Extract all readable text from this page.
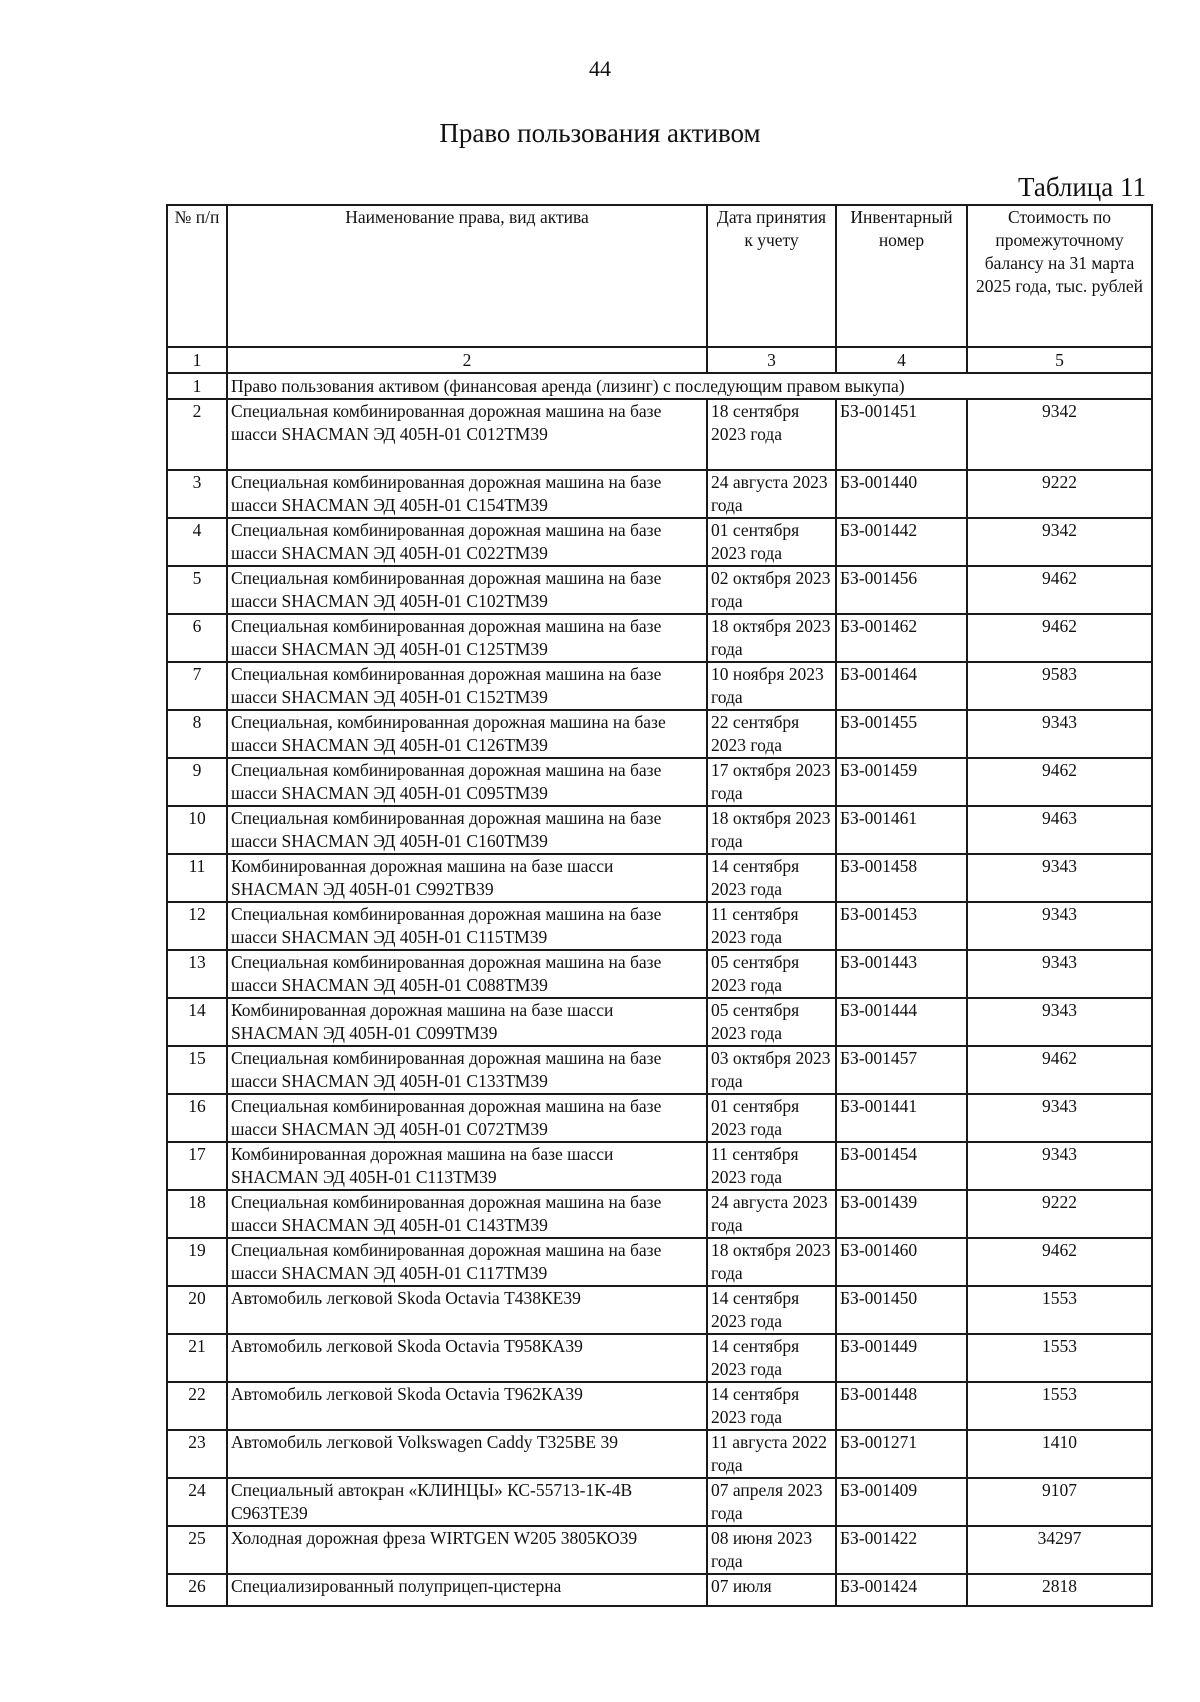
44
Право пользования активом
Таблица 11
№ п/п	Наименование права, вид актива	Дата принятия к учету	Инвентарный номер	Стоимость по промежуточному балансу на 31 марта 2025 года, тыс. рублей
1	2	3	4	5
1	Право пользования активом (финансовая аренда (лизинг) с последующим правом выкупа)			
2	Специальная комбинированная дорожная машина на базе шасси SHACMAN ЭД 405Н-01 С012ТМ39	18 сентября 2023 года	БЗ-001451	9342
3	Специальная комбинированная дорожная машина на базе шасси SHACMAN ЭД 405Н-01 С154ТМ39	24 августа 2023 года	БЗ-001440	9222
4	Специальная комбинированная дорожная машина на базе шасси SHACMAN ЭД 405Н-01 С022ТМ39	01 сентября 2023 года	БЗ-001442	9342
5	Специальная комбинированная дорожная машина на базе шасси SHACMAN ЭД 405Н-01 С102ТМ39	02 октября 2023 года	БЗ-001456	9462
6	Специальная комбинированная дорожная машина на базе шасси SHACMAN ЭД 405Н-01 С125ТМ39	18 октября 2023 года	БЗ-001462	9462
7	Специальная комбинированная дорожная машина на базе шасси SHACMAN ЭД 405Н-01 С152ТМ39	10 ноября 2023 года	БЗ-001464	9583
8	Специальная, комбинированная дорожная машина на базе шасси SHACMAN ЭД 405Н-01 С126ТМ39	22 сентября 2023 года	БЗ-001455	9343
9	Специальная комбинированная дорожная машина на базе шасси SHACMAN ЭД 405Н-01 С095ТМ39	17 октября 2023 года	БЗ-001459	9462
10	Специальная комбинированная дорожная машина на базе шасси SHACMAN ЭД 405Н-01 С160ТМ39	18 октября 2023 года	БЗ-001461	9463
11	Комбинированная дорожная машина на базе шасси SHACMAN ЭД 405Н-01 С992ТВ39	14 сентября 2023 года	БЗ-001458	9343
12	Специальная комбинированная дорожная машина на базе шасси SHACMAN ЭД 405Н-01 С115ТМ39	11 сентября 2023 года	БЗ-001453	9343
13	Специальная комбинированная дорожная машина на базе шасси SHACMAN ЭД 405Н-01 С088ТМ39	05 сентября 2023 года	БЗ-001443	9343
14	Комбинированная дорожная машина на базе шасси SHACMAN ЭД 405Н-01 С099ТМ39	05 сентября 2023 года	БЗ-001444	9343
15	Специальная комбинированная дорожная машина на базе шасси SHACMAN ЭД 405Н-01 С133ТМ39	03 октября 2023 года	БЗ-001457	9462
16	Специальная комбинированная дорожная машина на базе шасси SHACMAN ЭД 405Н-01 С072ТМ39	01 сентября 2023 года	БЗ-001441	9343
17	Комбинированная дорожная машина на базе шасси SHACMAN ЭД 405Н-01 С113ТМ39	11 сентября 2023 года	БЗ-001454	9343
18	Специальная комбинированная дорожная машина на базе шасси SHACMAN ЭД 405Н-01 С143ТМ39	24 августа 2023 года	БЗ-001439	9222
19	Специальная комбинированная дорожная машина на базе шасси SHACMAN ЭД 405Н-01 С117ТМ39	18 октября 2023 года	БЗ-001460	9462
20	Автомобиль легковой Skoda Octavia Т438КЕ39	14 сентября 2023 года	БЗ-001450	1553
21	Автомобиль легковой Skoda Octavia Т958КА39	14 сентября 2023 года	БЗ-001449	1553
22	Автомобиль легковой Skoda Octavia Т962КА39	14 сентября 2023 года	БЗ-001448	1553
23	Автомобиль легковой Volkswagen Caddy Т325ВЕ 39	11 августа 2022 года	БЗ-001271	1410
24	Специальный автокран «КЛИНЦЫ» КС-55713-1К-4В С963ТЕ39	07 апреля 2023 года	БЗ-001409	9107
25	Холодная дорожная фреза WIRTGEN W205 3805КО39	08 июня 2023 года	БЗ-001422	34297
26	Специализированный полуприцеп-цистерна	07 июля	БЗ-001424	2818
